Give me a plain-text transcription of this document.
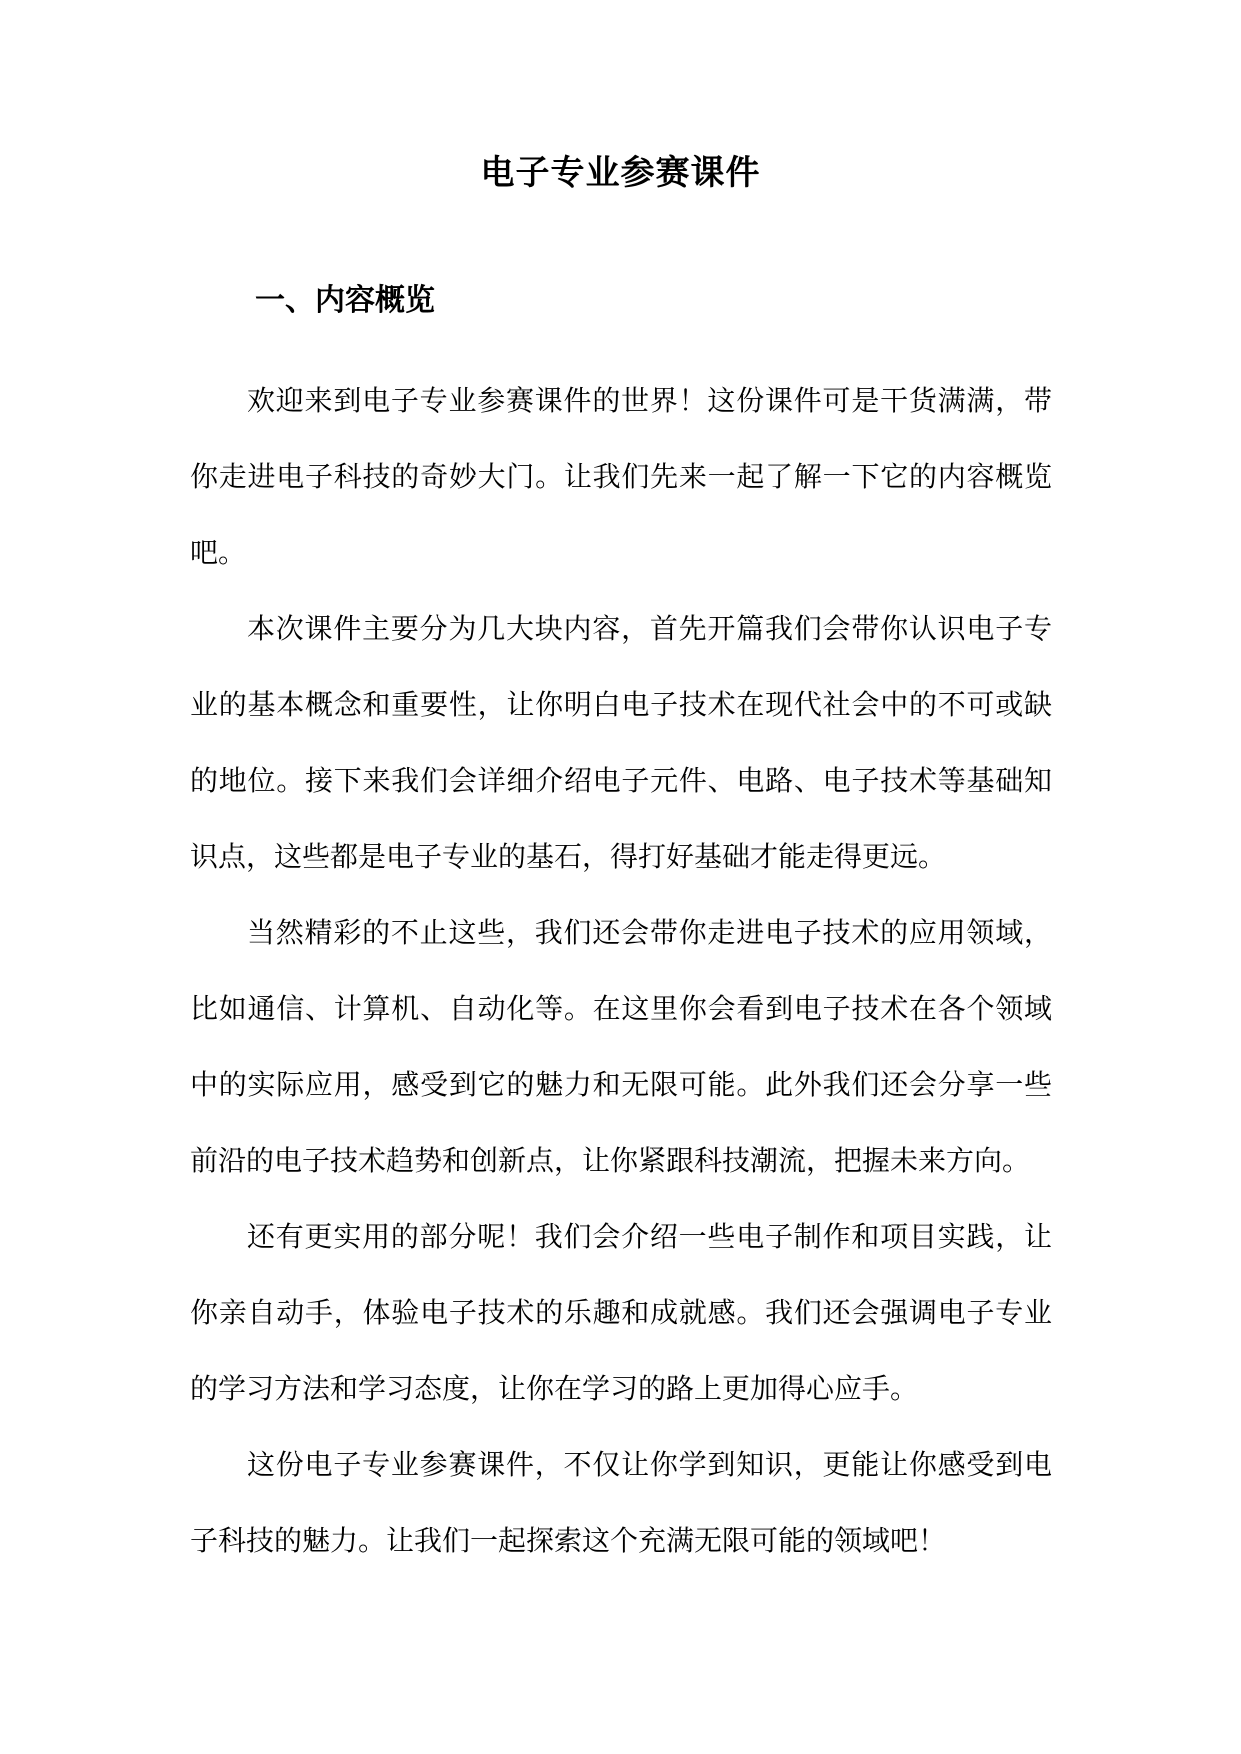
电子专业参赛课件
一、内容概览

欢迎来到电子专业参赛课件的世界！这份课件可是干货满满，带你走进电子科技的奇妙大门。让我们先来一起了解一下它的内容概览吧。

本次课件主要分为几大块内容，首先开篇我们会带你认识电子专业的基本概念和重要性，让你明白电子技术在现代社会中的不可或缺的地位。接下来我们会详细介绍电子元件、电路、电子技术等基础知识点，这些都是电子专业的基石，得打好基础才能走得更远。

当然精彩的不止这些，我们还会带你走进电子技术的应用领域，比如通信、计算机、自动化等。在这里你会看到电子技术在各个领域中的实际应用，感受到它的魅力和无限可能。此外我们还会分享一些前沿的电子技术趋势和创新点，让你紧跟科技潮流，把握未来方向。

还有更实用的部分呢！我们会介绍一些电子制作和项目实践，让你亲自动手，体验电子技术的乐趣和成就感。我们还会强调电子专业的学习方法和学习态度，让你在学习的路上更加得心应手。

这份电子专业参赛课件，不仅让你学到知识，更能让你感受到电子科技的魅力。让我们一起探索这个充满无限可能的领域吧！
